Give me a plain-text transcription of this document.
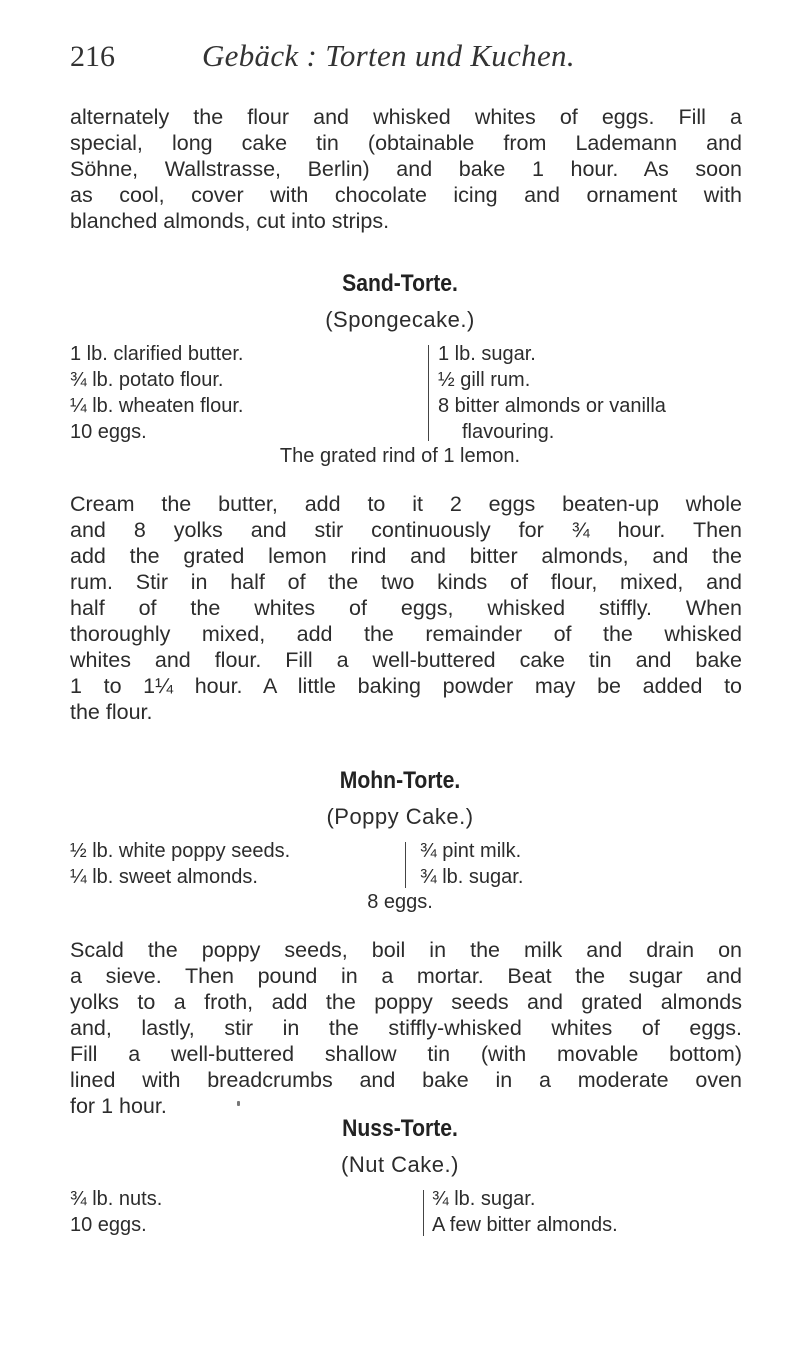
216	Gebäck : Torten und Kuchen.
alternately the flour and whisked whites of eggs. Fill a
special, long cake tin (obtainable from Lademann and
Söhne, Wallstrasse, Berlin) and bake 1 hour. As soon
as cool, cover with chocolate icing and ornament with
blanched almonds, cut into strips.
Sand-Torte.
(Spongecake.)
1 lb. clarified butter.
¾ lb. potato flour.
¼ lb. wheaten flour.
10 eggs.
1 lb. sugar.
½ gill rum.
8 bitter almonds or vanilla
flavouring.
The grated rind of 1 lemon.
Cream the butter, add to it 2 eggs beaten-up whole
and 8 yolks and stir continuously for ¾ hour. Then
add the grated lemon rind and bitter almonds, and the
rum. Stir in half of the two kinds of flour, mixed, and
half of the whites of eggs, whisked stiffly. When
thoroughly mixed, add the remainder of the whisked
whites and flour. Fill a well-buttered cake tin and bake
1 to 1¼ hour. A little baking powder may be added to
the flour.
Mohn-Torte.
(Poppy Cake.)
½ lb. white poppy seeds.
¼ lb. sweet almonds.
¾ pint milk.
¾ lb. sugar.
8 eggs.
Scald the poppy seeds, boil in the milk and drain on
a sieve. Then pound in a mortar. Beat the sugar and
yolks to a froth, add the poppy seeds and grated almonds
and, lastly, stir in the stiffly-whisked whites of eggs.
Fill a well-buttered shallow tin (with movable bottom)
lined with breadcrumbs and bake in a moderate oven
for 1 hour.
Nuss-Torte.
(Nut Cake.)
¾ lb. nuts.
10 eggs.
¾ lb. sugar.
A few bitter almonds.
